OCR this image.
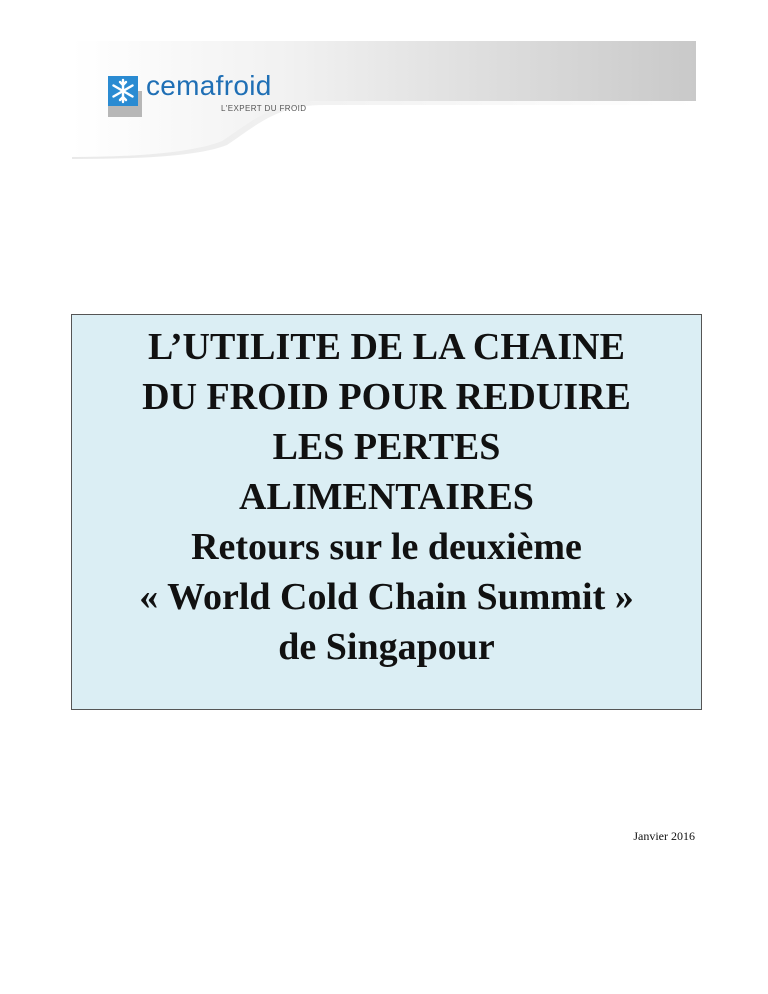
cemafroid
L'EXPERT DU FROID
L’UTILITE DE LA CHAINE
DU FROID POUR REDUIRE
LES PERTES
ALIMENTAIRES
Retours sur le deuxième
« World Cold Chain Summit »
de Singapour
Janvier 2016
